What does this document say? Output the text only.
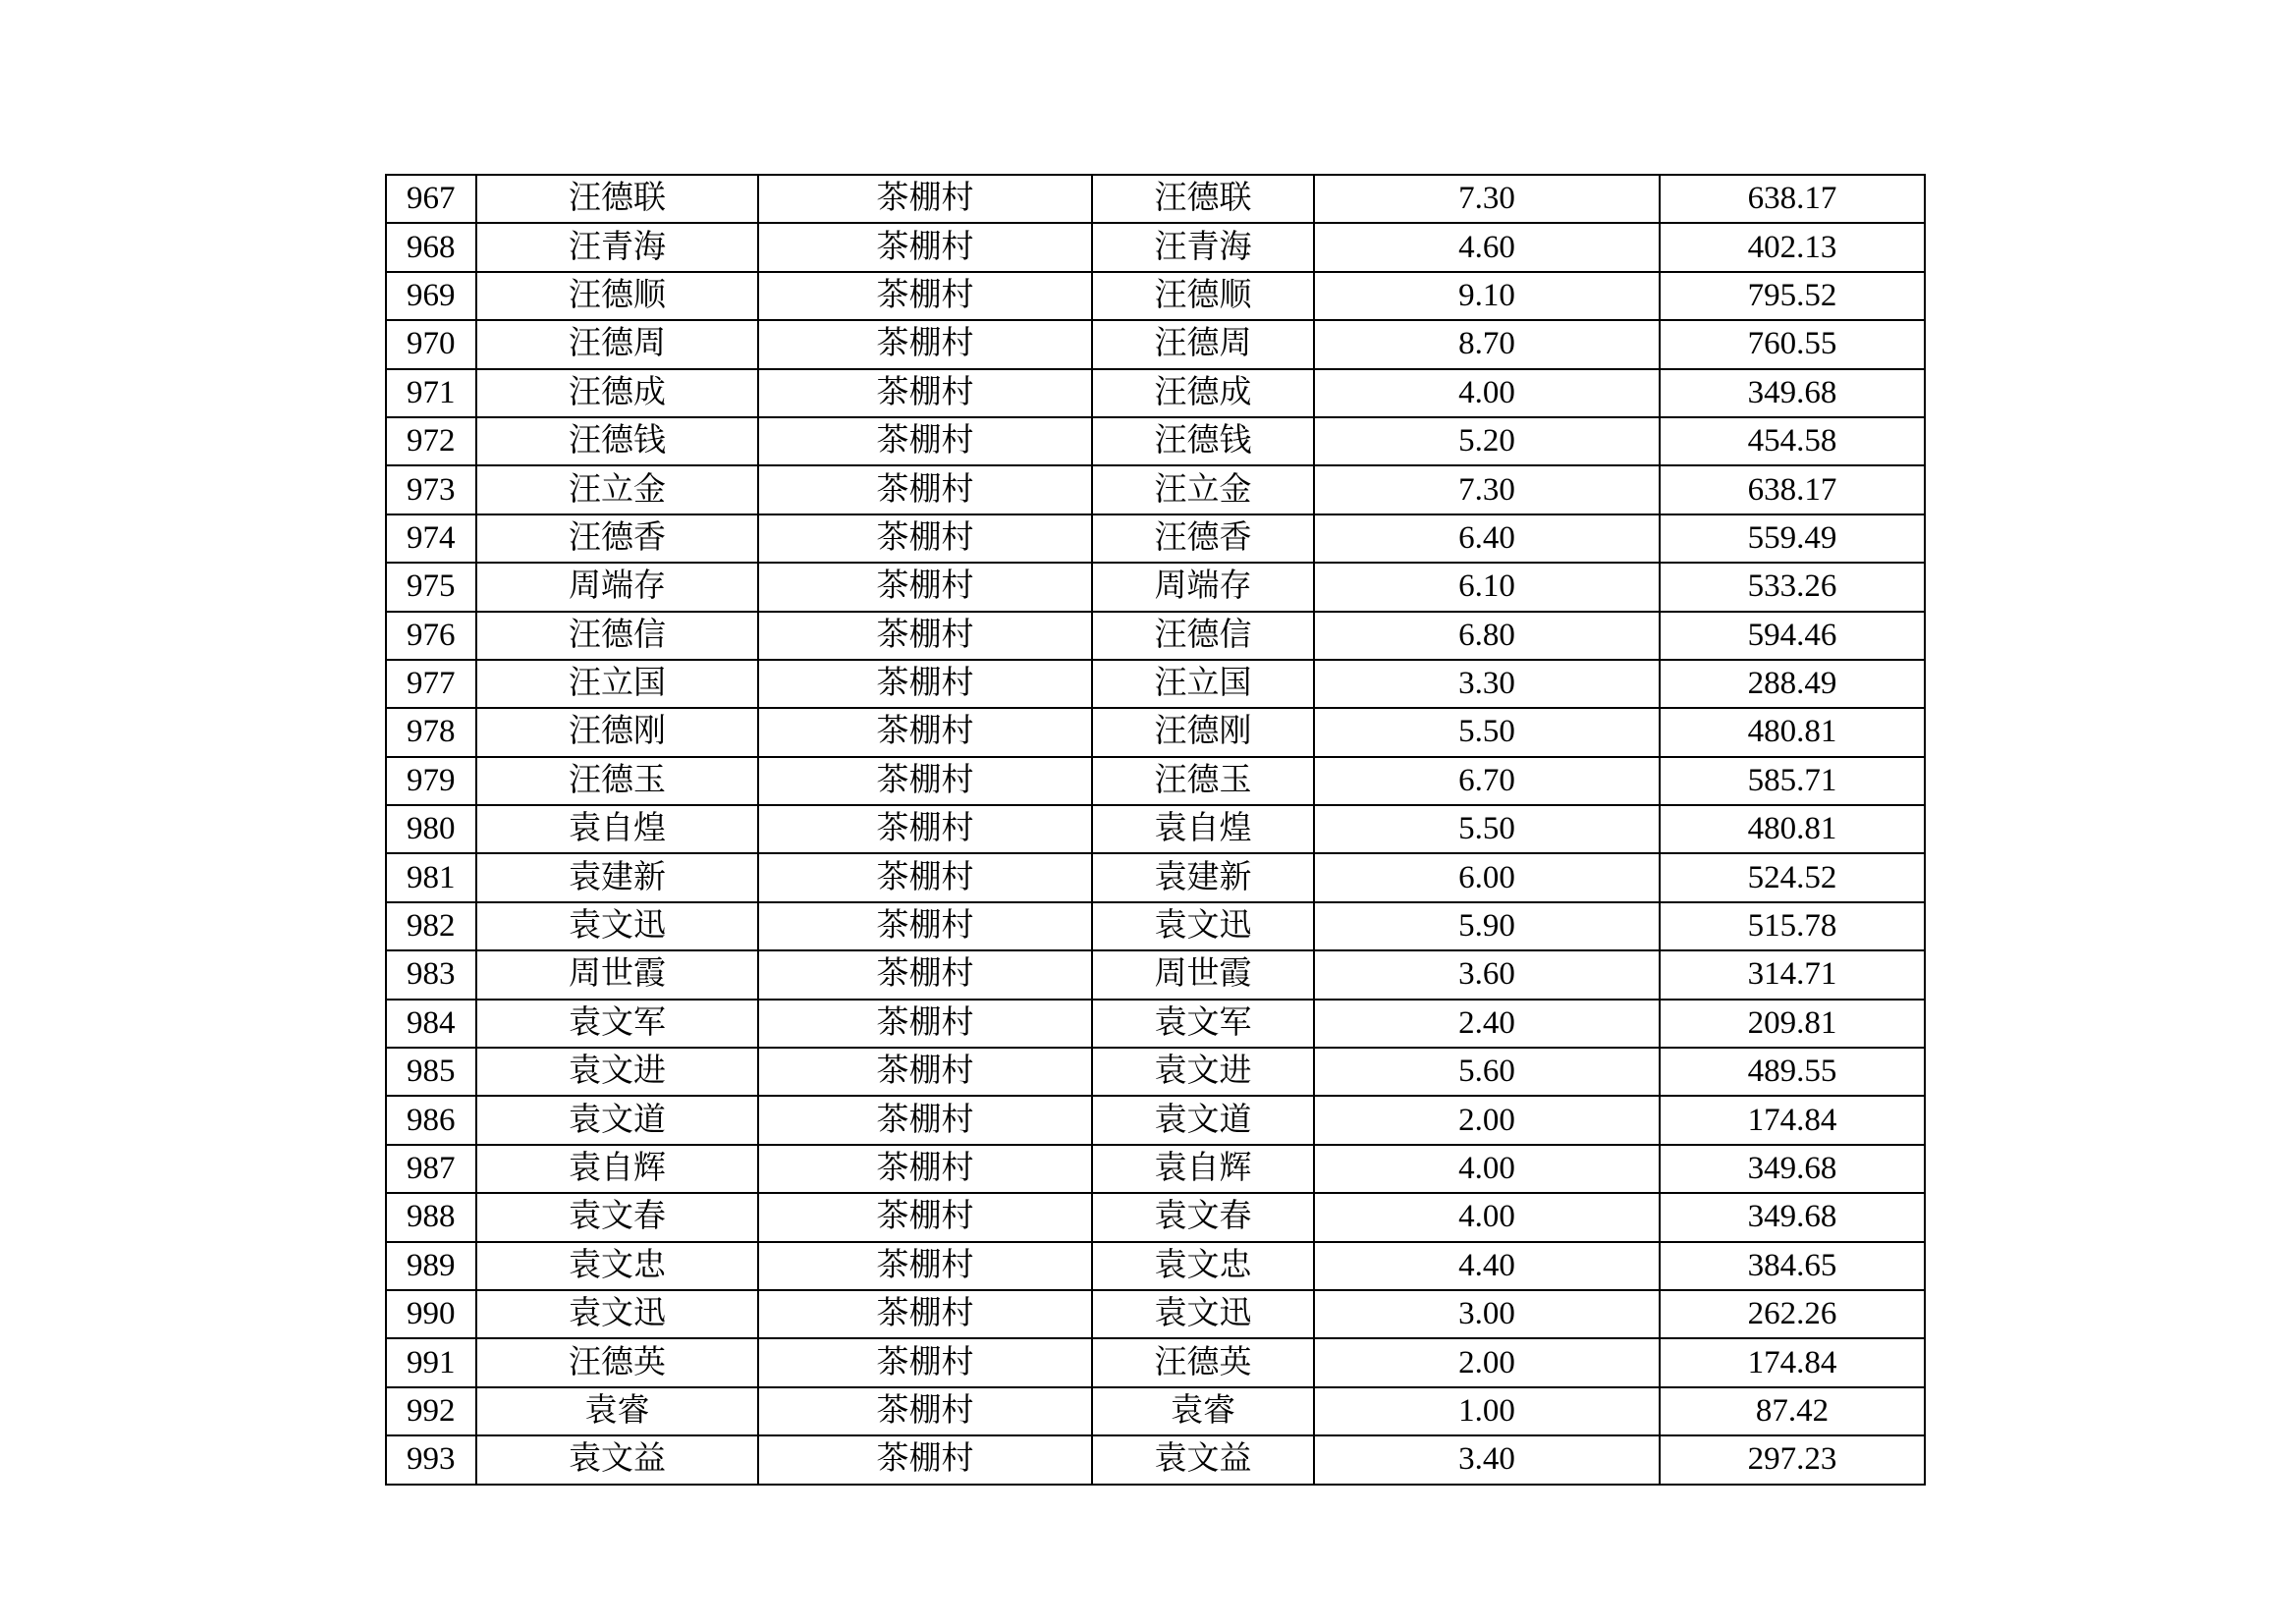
967	汪德联	茶棚村	汪德联	7.30	638.17
968	汪青海	茶棚村	汪青海	4.60	402.13
969	汪德顺	茶棚村	汪德顺	9.10	795.52
970	汪德周	茶棚村	汪德周	8.70	760.55
971	汪德成	茶棚村	汪德成	4.00	349.68
972	汪德钱	茶棚村	汪德钱	5.20	454.58
973	汪立金	茶棚村	汪立金	7.30	638.17
974	汪德香	茶棚村	汪德香	6.40	559.49
975	周端存	茶棚村	周端存	6.10	533.26
976	汪德信	茶棚村	汪德信	6.80	594.46
977	汪立国	茶棚村	汪立国	3.30	288.49
978	汪德刚	茶棚村	汪德刚	5.50	480.81
979	汪德玉	茶棚村	汪德玉	6.70	585.71
980	袁自煌	茶棚村	袁自煌	5.50	480.81
981	袁建新	茶棚村	袁建新	6.00	524.52
982	袁文迅	茶棚村	袁文迅	5.90	515.78
983	周世霞	茶棚村	周世霞	3.60	314.71
984	袁文军	茶棚村	袁文军	2.40	209.81
985	袁文进	茶棚村	袁文进	5.60	489.55
986	袁文道	茶棚村	袁文道	2.00	174.84
987	袁自辉	茶棚村	袁自辉	4.00	349.68
988	袁文春	茶棚村	袁文春	4.00	349.68
989	袁文忠	茶棚村	袁文忠	4.40	384.65
990	袁文迅	茶棚村	袁文迅	3.00	262.26
991	汪德英	茶棚村	汪德英	2.00	174.84
992	袁睿	茶棚村	袁睿	1.00	87.42
993	袁文益	茶棚村	袁文益	3.40	297.23
